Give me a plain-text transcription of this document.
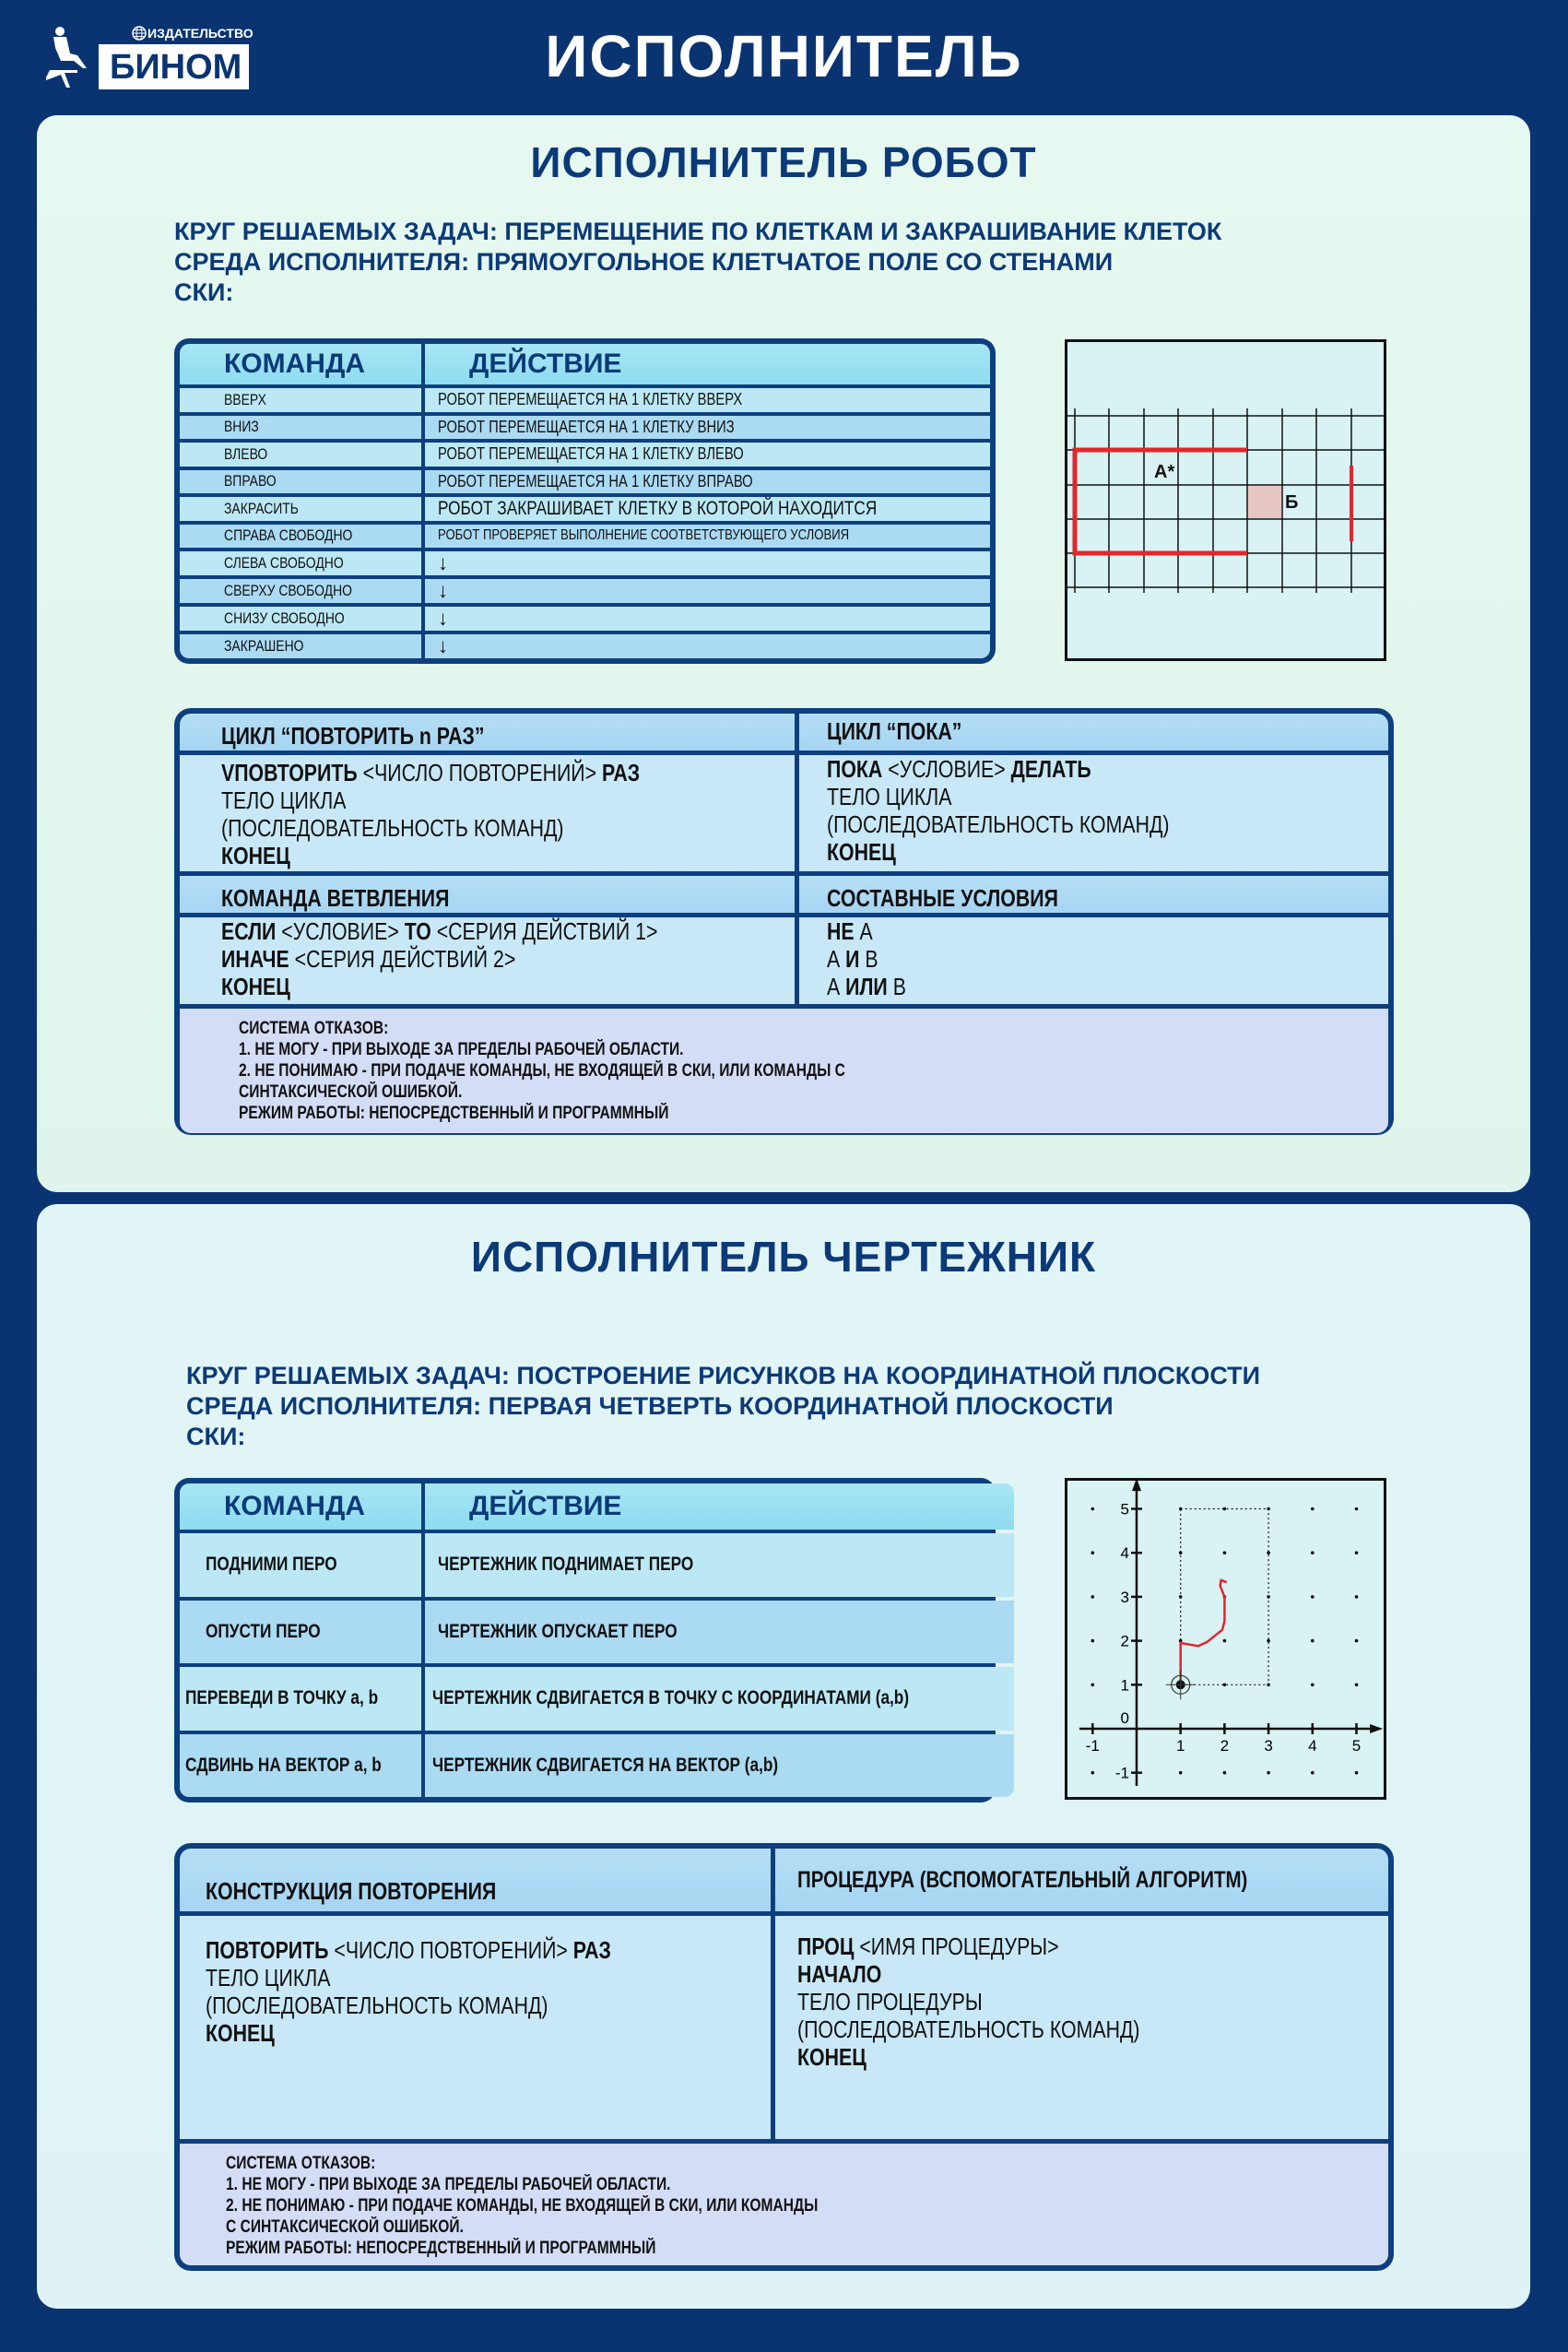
ИЗДАТЕЛЬСТВО
БИНОМ	ИСПОЛНИТЕЛЬ
ИСПОЛНИТЕЛЬ РОБОТ
КРУГ РЕШАЕМЫХ ЗАДАЧ: ПЕРЕМЕЩЕНИЕ ПО КЛЕТКАМ И ЗАКРАШИВАНИЕ КЛЕТОК
СРЕДА ИСПОЛНИТЕЛЯ: ПРЯМОУГОЛЬНОЕ КЛЕТЧАТОЕ ПОЛЕ СО СТЕНАМИ
СКИ:
КОМАНДА	ДЕЙСТВИЕ
ВВЕРХ	РОБОТ ПЕРЕМЕЩАЕТСЯ НА 1 КЛЕТКУ ВВЕРХ
ВНИЗ	РОБОТ ПЕРЕМЕЩАЕТСЯ НА 1 КЛЕТКУ ВНИЗ
ВЛЕВО	РОБОТ ПЕРЕМЕЩАЕТСЯ НА 1 КЛЕТКУ ВЛЕВО
ВПРАВО	РОБОТ ПЕРЕМЕЩАЕТСЯ НА 1 КЛЕТКУ ВПРАВО
ЗАКРАСИТЬ	РОБОТ ЗАКРАШИВАЕТ КЛЕТКУ В КОТОРОЙ НАХОДИТСЯ
СПРАВА СВОБОДНО	РОБОТ ПРОВЕРЯЕТ ВЫПОЛНЕНИЕ СООТВЕТСТВУЮЩЕГО УСЛОВИЯ
СЛЕВА СВОБОДНО	↓
СВЕРХУ СВОБОДНО	↓
СНИЗУ СВОБОДНО	↓
ЗАКРАШЕНО	↓
А*
Б
ЦИКЛ “ПОВТОРИТЬ n РАЗ”	ЦИКЛ “ПОКА”
VПОВТОРИТЬ <ЧИСЛО ПОВТОРЕНИЙ> РАЗ
ТЕЛО ЦИКЛА
(ПОСЛЕДОВАТЕЛЬНОСТЬ КОМАНД)
КОНЕЦ
ПОКА <УСЛОВИЕ> ДЕЛАТЬ
ТЕЛО ЦИКЛА
(ПОСЛЕДОВАТЕЛЬНОСТЬ КОМАНД)
КОНЕЦ
КОМАНДА ВЕТВЛЕНИЯ	СОСТАВНЫЕ УСЛОВИЯ
ЕСЛИ <УСЛОВИЕ> ТО <СЕРИЯ ДЕЙСТВИЙ 1>
ИНАЧЕ <СЕРИЯ ДЕЙСТВИЙ 2>
КОНЕЦ
НЕ А
А И В
А ИЛИ В
СИСТЕМА ОТКАЗОВ:
1. НЕ МОГУ - ПРИ ВЫХОДЕ ЗА ПРЕДЕЛЫ РАБОЧЕЙ ОБЛАСТИ.
2. НЕ ПОНИМАЮ - ПРИ ПОДАЧЕ КОМАНДЫ, НЕ ВХОДЯЩЕЙ В СКИ, ИЛИ КОМАНДЫ С
СИНТАКСИЧЕСКОЙ ОШИБКОЙ.
РЕЖИМ РАБОТЫ: НЕПОСРЕДСТВЕННЫЙ И ПРОГРАММНЫЙ
ИСПОЛНИТЕЛЬ ЧЕРТЕЖНИК
КРУГ РЕШАЕМЫХ ЗАДАЧ: ПОСТРОЕНИЕ РИСУНКОВ НА КООРДИНАТНОЙ ПЛОСКОСТИ
СРЕДА ИСПОЛНИТЕЛЯ: ПЕРВАЯ ЧЕТВЕРТЬ КООРДИНАТНОЙ ПЛОСКОСТИ
СКИ:
КОМАНДА	ДЕЙСТВИЕ
ПОДНИМИ ПЕРО	ЧЕРТЕЖНИК ПОДНИМАЕТ ПЕРО
ОПУСТИ ПЕРО	ЧЕРТЕЖНИК ОПУСКАЕТ ПЕРО
ПЕРЕВЕДИ В ТОЧКУ a, b	ЧЕРТЕЖНИК СДВИГАЕТСЯ В ТОЧКУ С КООРДИНАТАМИ (a,b)
СДВИНЬ НА ВЕКТОР a, b	ЧЕРТЕЖНИК СДВИГАЕТСЯ НА ВЕКТОР (a,b)
-1	1 2 3 4 5
5
4
3
2
1
0
-1
КОНСТРУКЦИЯ ПОВТОРЕНИЯ	ПРОЦЕДУРА (ВСПОМОГАТЕЛЬНЫЙ АЛГОРИТМ)
ПОВТОРИТЬ <ЧИСЛО ПОВТОРЕНИЙ> РАЗ
ТЕЛО ЦИКЛА
(ПОСЛЕДОВАТЕЛЬНОСТЬ КОМАНД)
КОНЕЦ
ПРОЦ <ИМЯ ПРОЦЕДУРЫ>
НАЧАЛО
ТЕЛО ПРОЦЕДУРЫ
(ПОСЛЕДОВАТЕЛЬНОСТЬ КОМАНД)
КОНЕЦ
СИСТЕМА ОТКАЗОВ:
1. НЕ МОГУ - ПРИ ВЫХОДЕ ЗА ПРЕДЕЛЫ РАБОЧЕЙ ОБЛАСТИ.
2. НЕ ПОНИМАЮ - ПРИ ПОДАЧЕ КОМАНДЫ, НЕ ВХОДЯЩЕЙ В СКИ, ИЛИ КОМАНДЫ
С СИНТАКСИЧЕСКОЙ ОШИБКОЙ.
РЕЖИМ РАБОТЫ: НЕПОСРЕДСТВЕННЫЙ И ПРОГРАММНЫЙ
